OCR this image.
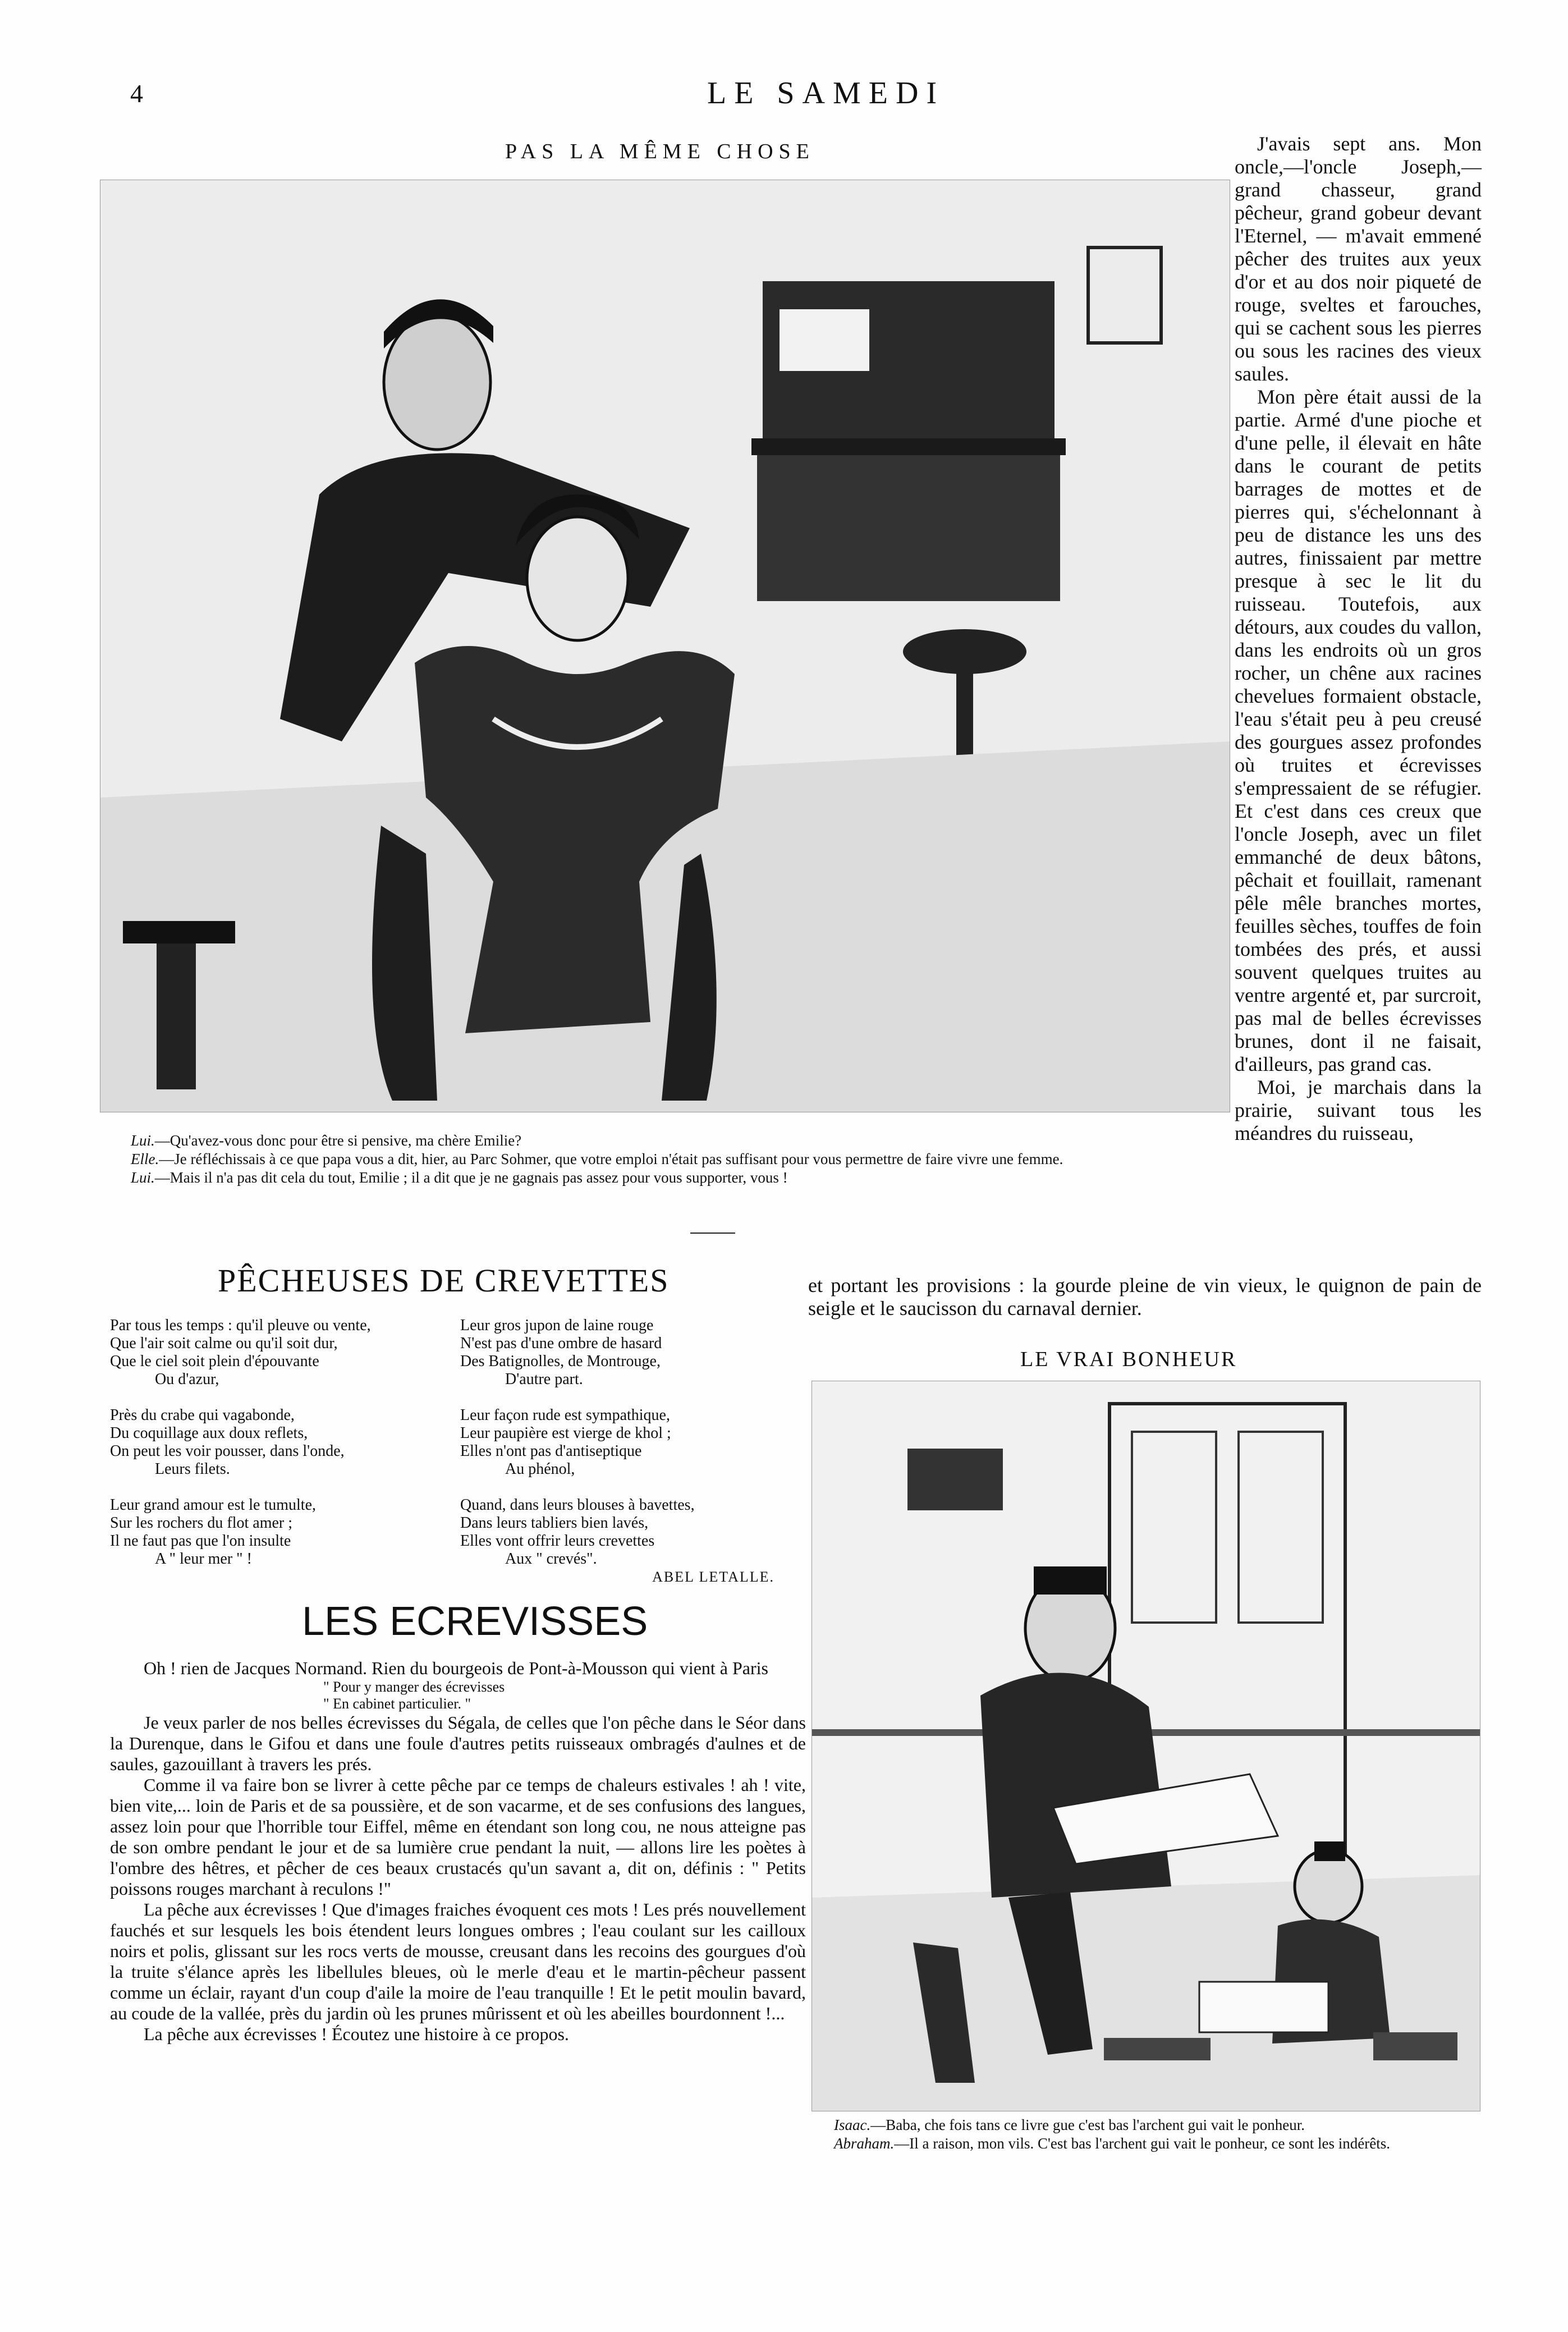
4	LE SAMEDI
PAS LA MÊME CHOSE
Lui.—Qu'avez-vous donc pour être si pensive, ma chère Emilie?
Elle.—Je réfléchissais à ce que papa vous a dit, hier, au Parc Sohmer, que votre emploi n'était pas suffisant pour vous permettre de faire vivre une femme.
Lui.—Mais il n'a pas dit cela du tout, Emilie ; il a dit que je ne gagnais pas assez pour vous supporter, vous !

J'avais sept ans. Mon oncle,—l'oncle Joseph,—grand chasseur, grand pêcheur, grand gobeur devant l'Eternel, — m'avait emmené pêcher des truites aux yeux d'or et au dos noir piqueté de rouge, sveltes et farouches, qui se cachent sous les pierres ou sous les racines des vieux saules.

Mon père était aussi de la partie. Armé d'une pioche et d'une pelle, il élevait en hâte dans le courant de petits barrages de mottes et de pierres qui, s'échelonnant à peu de distance les uns des autres, finissaient par mettre presque à sec le lit du ruisseau. Toutefois, aux détours, aux coudes du vallon, dans les endroits où un gros rocher, un chêne aux racines chevelues formaient obstacle, l'eau s'était peu à peu creusé des gourgues assez profondes où truites et écrevisses s'empressaient de se réfugier. Et c'est dans ces creux que l'oncle Joseph, avec un filet emmanché de deux bâtons, pêchait et fouillait, ramenant pêle mêle branches mortes, feuilles sèches, touffes de foin tombées des prés, et aussi souvent quelques truites au ventre argenté et, par surcroit, pas mal de belles écrevisses brunes, dont il ne faisait, d'ailleurs, pas grand cas.

Moi, je marchais dans la prairie, suivant tous les méandres du ruisseau,

et portant les provisions : la gourde pleine de vin vieux, le quignon de pain de seigle et le saucisson du carnaval dernier.
PÊCHEUSES DE CREVETTES
Par tous les temps : qu'il pleuve ou vente,
Que l'air soit calme ou qu'il soit dur,
Que le ciel soit plein d'épouvante
Ou d'azur,
Près du crabe qui vagabonde,
Du coquillage aux doux reflets,
On peut les voir pousser, dans l'onde,
Leurs filets.
Leur grand amour est le tumulte,
Sur les rochers du flot amer ;
Il ne faut pas que l'on insulte
A " leur mer " !
Leur gros jupon de laine rouge
N'est pas d'une ombre de hasard
Des Batignolles, de Montrouge,
D'autre part.
Leur façon rude est sympathique,
Leur paupière est vierge de khol ;
Elles n'ont pas d'antiseptique
Au phénol,
Quand, dans leurs blouses à bavettes,
Dans leurs tabliers bien lavés,
Elles vont offrir leurs crevettes
Aux " crevés".
ABEL LETALLE.
LES ECREVISSES

Oh ! rien de Jacques Normand. Rien du bourgeois de Pont-à-Mousson qui vient à Paris

" Pour y manger des écrevisses

" En cabinet particulier. "

Je veux parler de nos belles écrevisses du Ségala, de celles que l'on pêche dans le Séor dans la Durenque, dans le Gifou et dans une foule d'autres petits ruisseaux ombragés d'aulnes et de saules, gazouillant à travers les prés.

Comme il va faire bon se livrer à cette pêche par ce temps de chaleurs estivales ! ah ! vite, bien vite,... loin de Paris et de sa poussière, et de son vacarme, et de ses confusions des langues, assez loin pour que l'horrible tour Eiffel, même en étendant son long cou, ne nous atteigne pas de son ombre pendant le jour et de sa lumière crue pendant la nuit, — allons lire les poètes à l'ombre des hêtres, et pêcher de ces beaux crustacés qu'un savant a, dit on, définis : " Petits poissons rouges marchant à reculons !"

La pêche aux écrevisses ! Que d'images fraiches évoquent ces mots ! Les prés nouvellement fauchés et sur lesquels les bois étendent leurs longues ombres ; l'eau coulant sur les cailloux noirs et polis, glissant sur les rocs verts de mousse, creusant dans les recoins des gourgues d'où la truite s'élance après les libellules bleues, où le merle d'eau et le martin-pêcheur passent comme un éclair, rayant d'un coup d'aile la moire de l'eau tranquille ! Et le petit moulin bavard, au coude de la vallée, près du jardin où les prunes mûrissent et où les abeilles bourdonnent !...

La pêche aux écrevisses ! Écoutez une histoire à ce propos.

LE VRAI BONHEUR
Isaac.—Baba, che fois tans ce livre gue c'est bas l'archent gui vait le ponheur.
Abraham.—Il a raison, mon vils. C'est bas l'archent gui vait le ponheur, ce sont les indérêts.
